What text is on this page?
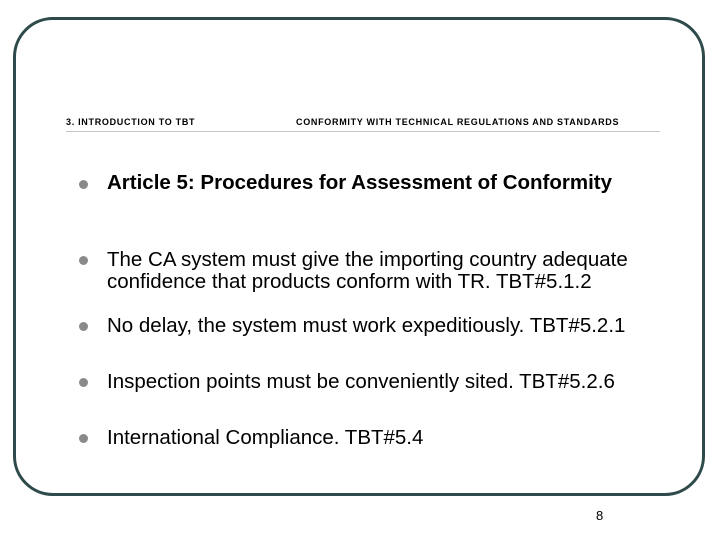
3. INTRODUCTION TO TBT	CONFORMITY WITH TECHNICAL REGULATIONS AND STANDARDS
Article 5: Procedures for Assessment of Conformity
The CA system must give the importing country adequate confidence that products conform with TR. TBT#5.1.2
No delay, the system must work expeditiously. TBT#5.2.1
Inspection points must be conveniently sited. TBT#5.2.6
International Compliance. TBT#5.4
8
